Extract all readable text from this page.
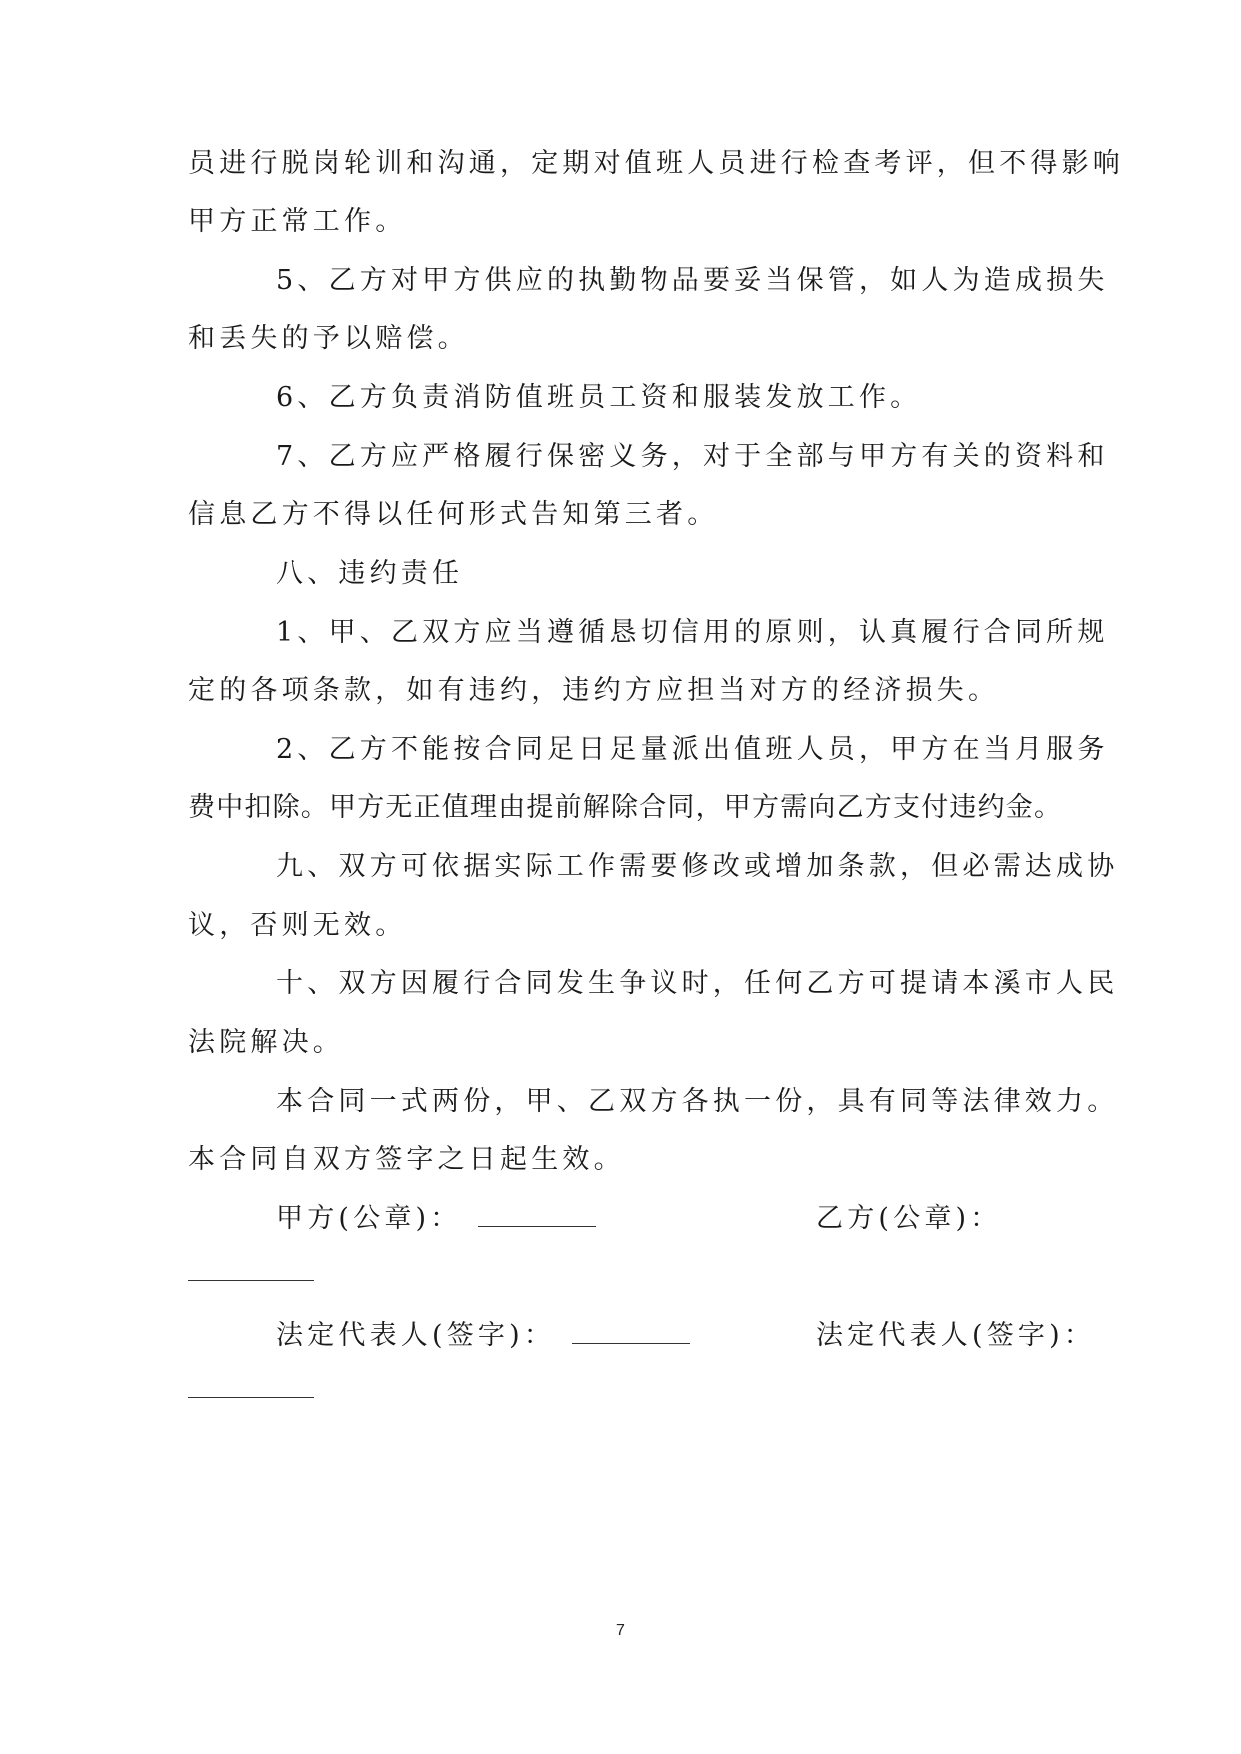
员进行脱岗轮训和沟通，定期对值班人员进行检查考评，但不得影响
甲方正常工作。
5、乙方对甲方供应的执勤物品要妥当保管，如人为造成损失
和丢失的予以赔偿。
6、乙方负责消防值班员工资和服装发放工作。
7、乙方应严格履行保密义务，对于全部与甲方有关的资料和
信息乙方不得以任何形式告知第三者。
八、违约责任
1、甲、乙双方应当遵循恳切信用的原则，认真履行合同所规
定的各项条款，如有违约，违约方应担当对方的经济损失。
2、乙方不能按合同足日足量派出值班人员，甲方在当月服务
费中扣除。甲方无正值理由提前解除合同，甲方需向乙方支付违约金。
九、双方可依据实际工作需要修改或增加条款，但必需达成协
议，否则无效。
十、双方因履行合同发生争议时，任何乙方可提请本溪市人民
法院解决。
本合同一式两份，甲、乙双方各执一份，具有同等法律效力。
本合同自双方签字之日起生效。
甲方(公章)：	乙方(公章)：
法定代表人(签字)：	法定代表人(签字)：
7
